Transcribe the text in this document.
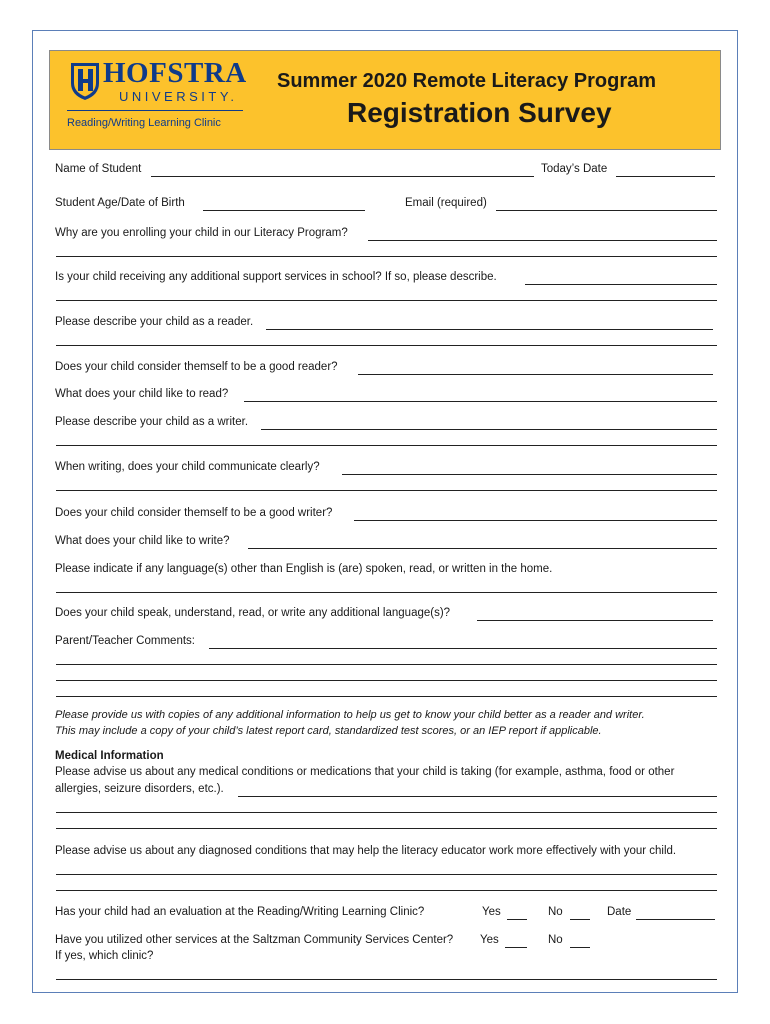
HOFSTRA
UNIVERSITY.
Reading/Writing Learning Clinic
Summer 2020 Remote Literacy Program
Registration Survey
Name of Student	Today’s Date
Student Age/Date of Birth	Email (required)
Why are you enrolling your child in our Literacy Program?
Is your child receiving any additional support services in school? If so, please describe.
Please describe your child as a reader.
Does your child consider themself to be a good reader?
What does your child like to read?
Please describe your child as a writer.
When writing, does your child communicate clearly?
Does your child consider themself to be a good writer?
What does your child like to write?
Please indicate if any language(s) other than English is (are) spoken, read, or written in the home.
Does your child speak, understand, read, or write any additional language(s)?
Parent/Teacher Comments:
Please provide us with copies of any additional information to help us get to know your child better as a reader and writer.
This may include a copy of your child’s latest report card, standardized test scores, or an IEP report if applicable.
Medical Information
Please advise us about any medical conditions or medications that your child is taking (for example, asthma, food or other
allergies, seizure disorders, etc.).
Please advise us about any diagnosed conditions that may help the literacy educator work more effectively with your child.
Has your child had an evaluation at the Reading/Writing Learning Clinic?	Yes	No	Date
Have you utilized other services at the Saltzman Community Services Center? Yes	No
If yes, which clinic?
